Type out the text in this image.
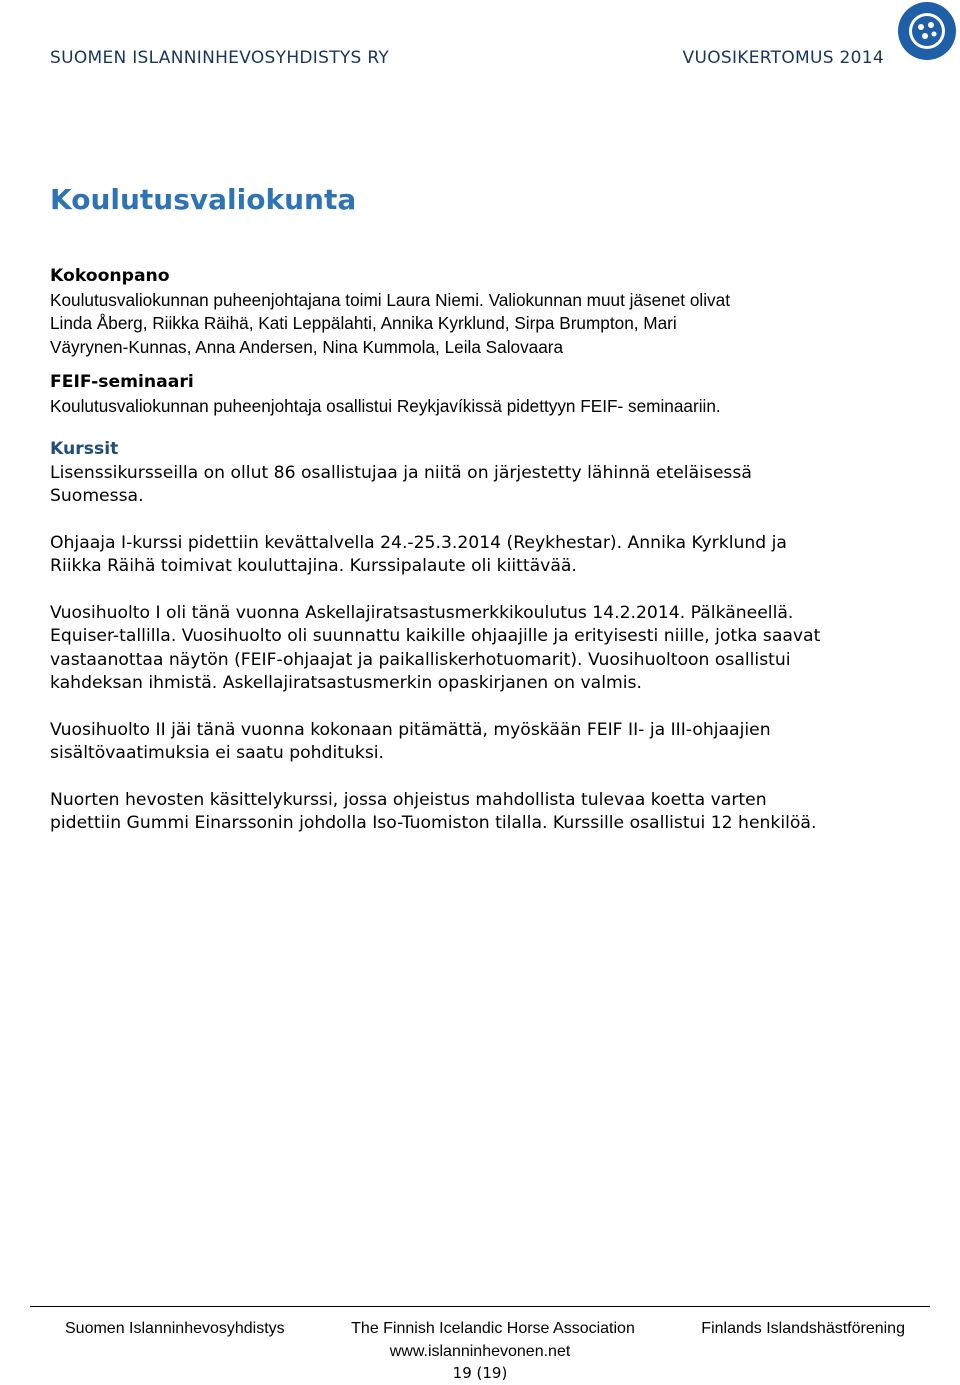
SUOMEN ISLANNINHEVOSYHDISTYS RY	VUOSIKERTOMUS 2014
Koulutusvaliokunta

Kokoonpano

Koulutusvaliokunnan puheenjohtajana toimi Laura Niemi. Valiokunnan muut jäsenet olivat

Linda Åberg, Riikka Räihä, Kati Leppälahti, Annika Kyrklund, Sirpa Brumpton, Mari

Väyrynen-Kunnas, Anna Andersen, Nina Kummola, Leila Salovaara

FEIF-seminaari

Koulutusvaliokunnan puheenjohtaja osallistui Reykjavíkissä pidettyyn FEIF- seminaariin.

Kurssit

Lisenssikursseilla on ollut 86 osallistujaa ja niitä on järjestetty lähinnä eteläisessä

Suomessa.

Ohjaaja I-kurssi pidettiin kevättalvella 24.-25.3.2014 (Reykhestar). Annika Kyrklund ja

Riikka Räihä toimivat kouluttajina. Kurssipalaute oli kiittävää.

Vuosihuolto I oli tänä vuonna Askellajiratsastusmerkkikoulutus 14.2.2014. Pälkäneellä.

Equiser-tallilla. Vuosihuolto oli suunnattu kaikille ohjaajille ja erityisesti niille, jotka saavat

vastaanottaa näytön (FEIF-ohjaajat ja paikalliskerhotuomarit). Vuosihuoltoon osallistui

kahdeksan ihmistä. Askellajiratsastusmerkin opaskirjanen on valmis.

Vuosihuolto II jäi tänä vuonna kokonaan pitämättä, myöskään FEIF II- ja III-ohjaajien

sisältövaatimuksia ei saatu pohdituksi.

Nuorten hevosten käsittelykurssi, jossa ohjeistus mahdollista tulevaa koetta varten

pidettiin Gummi Einarssonin johdolla Iso-Tuomiston tilalla. Kurssille osallistui 12 henkilöä.

Suomen Islanninhevosyhdistys	The Finnish Icelandic Horse Association	Finlands Islandshästförening
www.islanninhevonen.net
19 (19)
